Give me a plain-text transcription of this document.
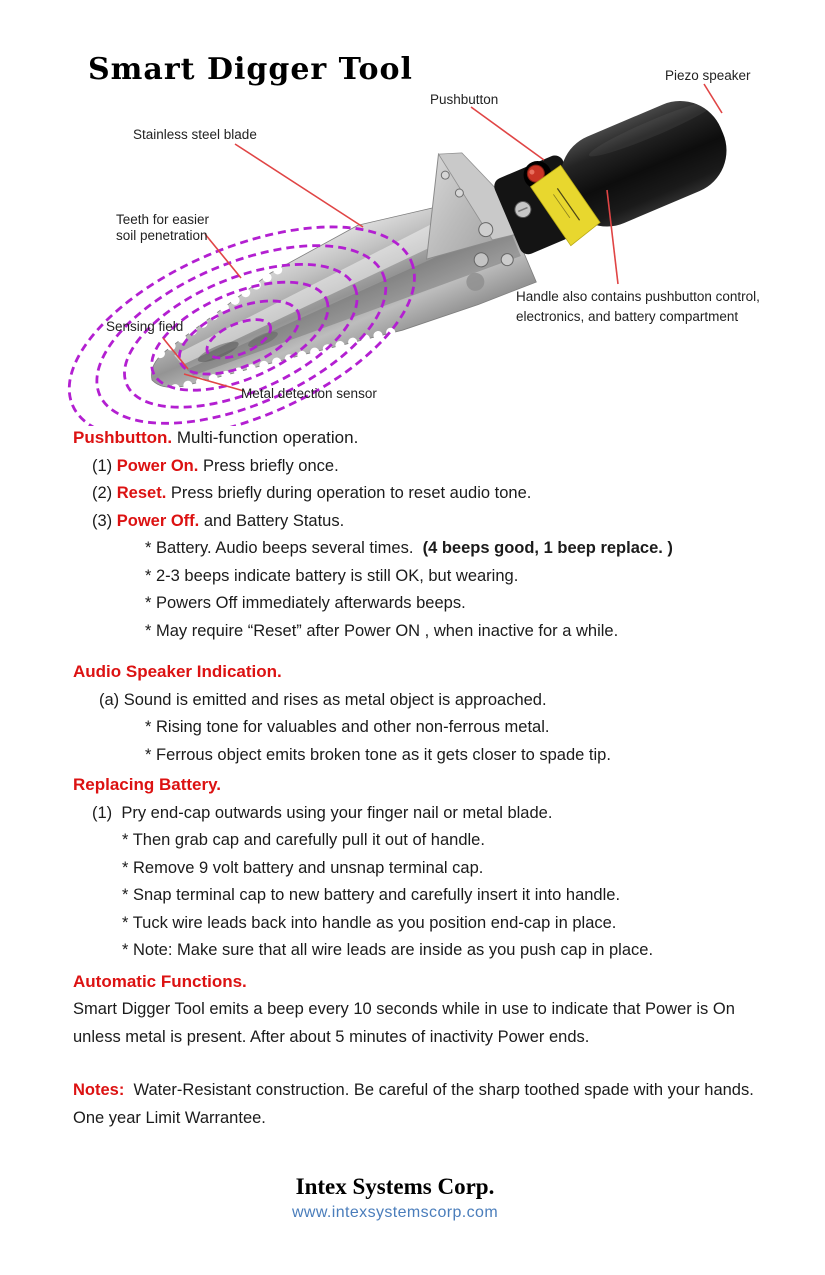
Smart Digger Tool	Piezo speaker
Pushbutton
Stainless steel blade
Teeth for easier
soil penetration
Sensing field
Metal detection sensor
Handle also contains pushbutton control,
electronics, and battery compartment
Pushbutton. Multi-function operation.
(1) Power On. Press briefly once.
(2) Reset. Press briefly during operation to reset audio tone.
(3) Power Off. and Battery Status.
* Battery. Audio beeps several times.  (4 beeps good, 1 beep replace. )
* 2-3 beeps indicate battery is still OK, but wearing.
* Powers Off immediately afterwards beeps.
* May require “Reset” after Power ON , when inactive for a while.
Audio Speaker Indication.
(a) Sound is emitted and rises as metal object is approached.
* Rising tone for valuables and other non-ferrous metal.
* Ferrous object emits broken tone as it gets closer to spade tip.
Replacing Battery.
(1)  Pry end-cap outwards using your finger nail or metal blade.
* Then grab cap and carefully pull it out of handle.
* Remove 9 volt battery and unsnap terminal cap.
* Snap terminal cap to new battery and carefully insert it into handle.
* Tuck wire leads back into handle as you position end-cap in place.
* Note: Make sure that all wire leads are inside as you push cap in place.
Automatic Functions.
Smart Digger Tool emits a beep every 10 seconds while in use to indicate that Power is On unless metal is present. After about 5 minutes of inactivity Power ends.
Notes:  Water-Resistant construction. Be careful of the sharp toothed spade with your hands. One year Limit Warrantee.
Intex Systems Corp.
www.intexsystemscorp.com
